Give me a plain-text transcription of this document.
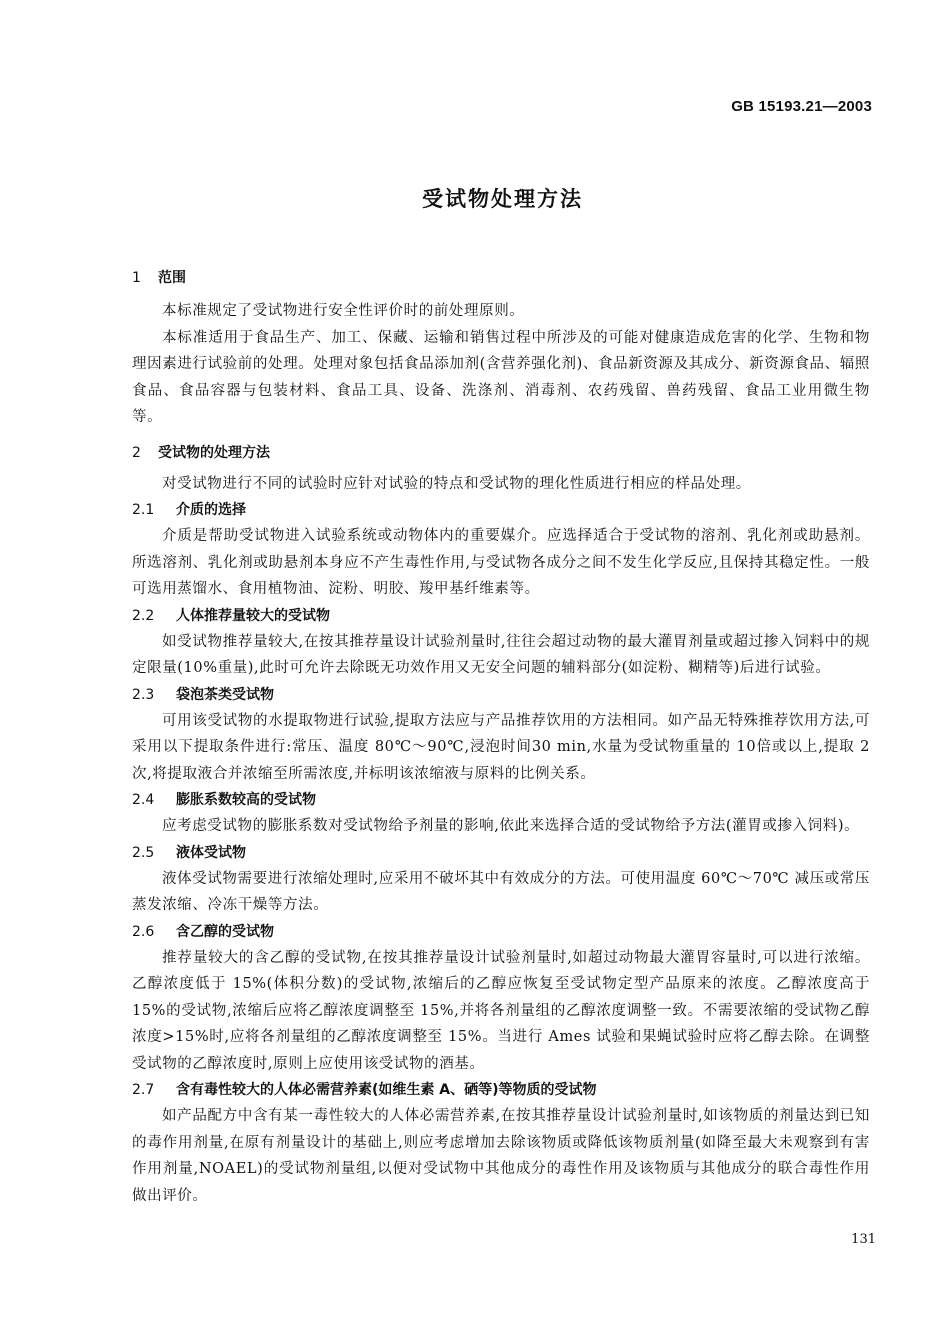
GB 15193.21—2003
受试物处理方法
1 范围
本标准规定了受试物进行安全性评价时的前处理原则。
本标准适用于食品生产、加工、保藏、运输和销售过程中所涉及的可能对健康造成危害的化学、生物和物理因素进行试验前的处理。处理对象包括食品添加剂(含营养强化剂)、食品新资源及其成分、新资源食品、辐照食品、食品容器与包装材料、食品工具、设备、洗涤剂、消毒剂、农药残留、兽药残留、食品工业用微生物等。
2 受试物的处理方法
对受试物进行不同的试验时应针对试验的特点和受试物的理化性质进行相应的样品处理。
2.1 介质的选择
介质是帮助受试物进入试验系统或动物体内的重要媒介。应选择适合于受试物的溶剂、乳化剂或助悬剂。所选溶剂、乳化剂或助悬剂本身应不产生毒性作用,与受试物各成分之间不发生化学反应,且保持其稳定性。一般可选用蒸馏水、食用植物油、淀粉、明胶、羧甲基纤维素等。
2.2 人体推荐量较大的受试物
如受试物推荐量较大,在按其推荐量设计试验剂量时,往往会超过动物的最大灌胃剂量或超过掺入饲料中的规定限量(10%重量),此时可允许去除既无功效作用又无安全问题的辅料部分(如淀粉、糊精等)后进行试验。
2.3 袋泡茶类受试物
可用该受试物的水提取物进行试验,提取方法应与产品推荐饮用的方法相同。如产品无特殊推荐饮用方法,可采用以下提取条件进行:常压、温度 80℃～90℃,浸泡时间30 min,水量为受试物重量的 10倍或以上,提取 2 次,将提取液合并浓缩至所需浓度,并标明该浓缩液与原料的比例关系。
2.4 膨胀系数较高的受试物
应考虑受试物的膨胀系数对受试物给予剂量的影响,依此来选择合适的受试物给予方法(灌胃或掺入饲料)。
2.5 液体受试物
液体受试物需要进行浓缩处理时,应采用不破坏其中有效成分的方法。可使用温度 60℃～70℃ 减压或常压蒸发浓缩、冷冻干燥等方法。
2.6 含乙醇的受试物
推荐量较大的含乙醇的受试物,在按其推荐量设计试验剂量时,如超过动物最大灌胃容量时,可以进行浓缩。乙醇浓度低于 15%(体积分数)的受试物,浓缩后的乙醇应恢复至受试物定型产品原来的浓度。乙醇浓度高于 15%的受试物,浓缩后应将乙醇浓度调整至 15%,并将各剂量组的乙醇浓度调整一致。不需要浓缩的受试物乙醇浓度>15%时,应将各剂量组的乙醇浓度调整至 15%。当进行 Ames 试验和果蝇试验时应将乙醇去除。在调整受试物的乙醇浓度时,原则上应使用该受试物的酒基。
2.7 含有毒性较大的人体必需营养素(如维生素 A、硒等)等物质的受试物
如产品配方中含有某一毒性较大的人体必需营养素,在按其推荐量设计试验剂量时,如该物质的剂量达到已知的毒作用剂量,在原有剂量设计的基础上,则应考虑增加去除该物质或降低该物质剂量(如降至最大未观察到有害作用剂量,NOAEL)的受试物剂量组,以便对受试物中其他成分的毒性作用及该物质与其他成分的联合毒性作用做出评价。
131
